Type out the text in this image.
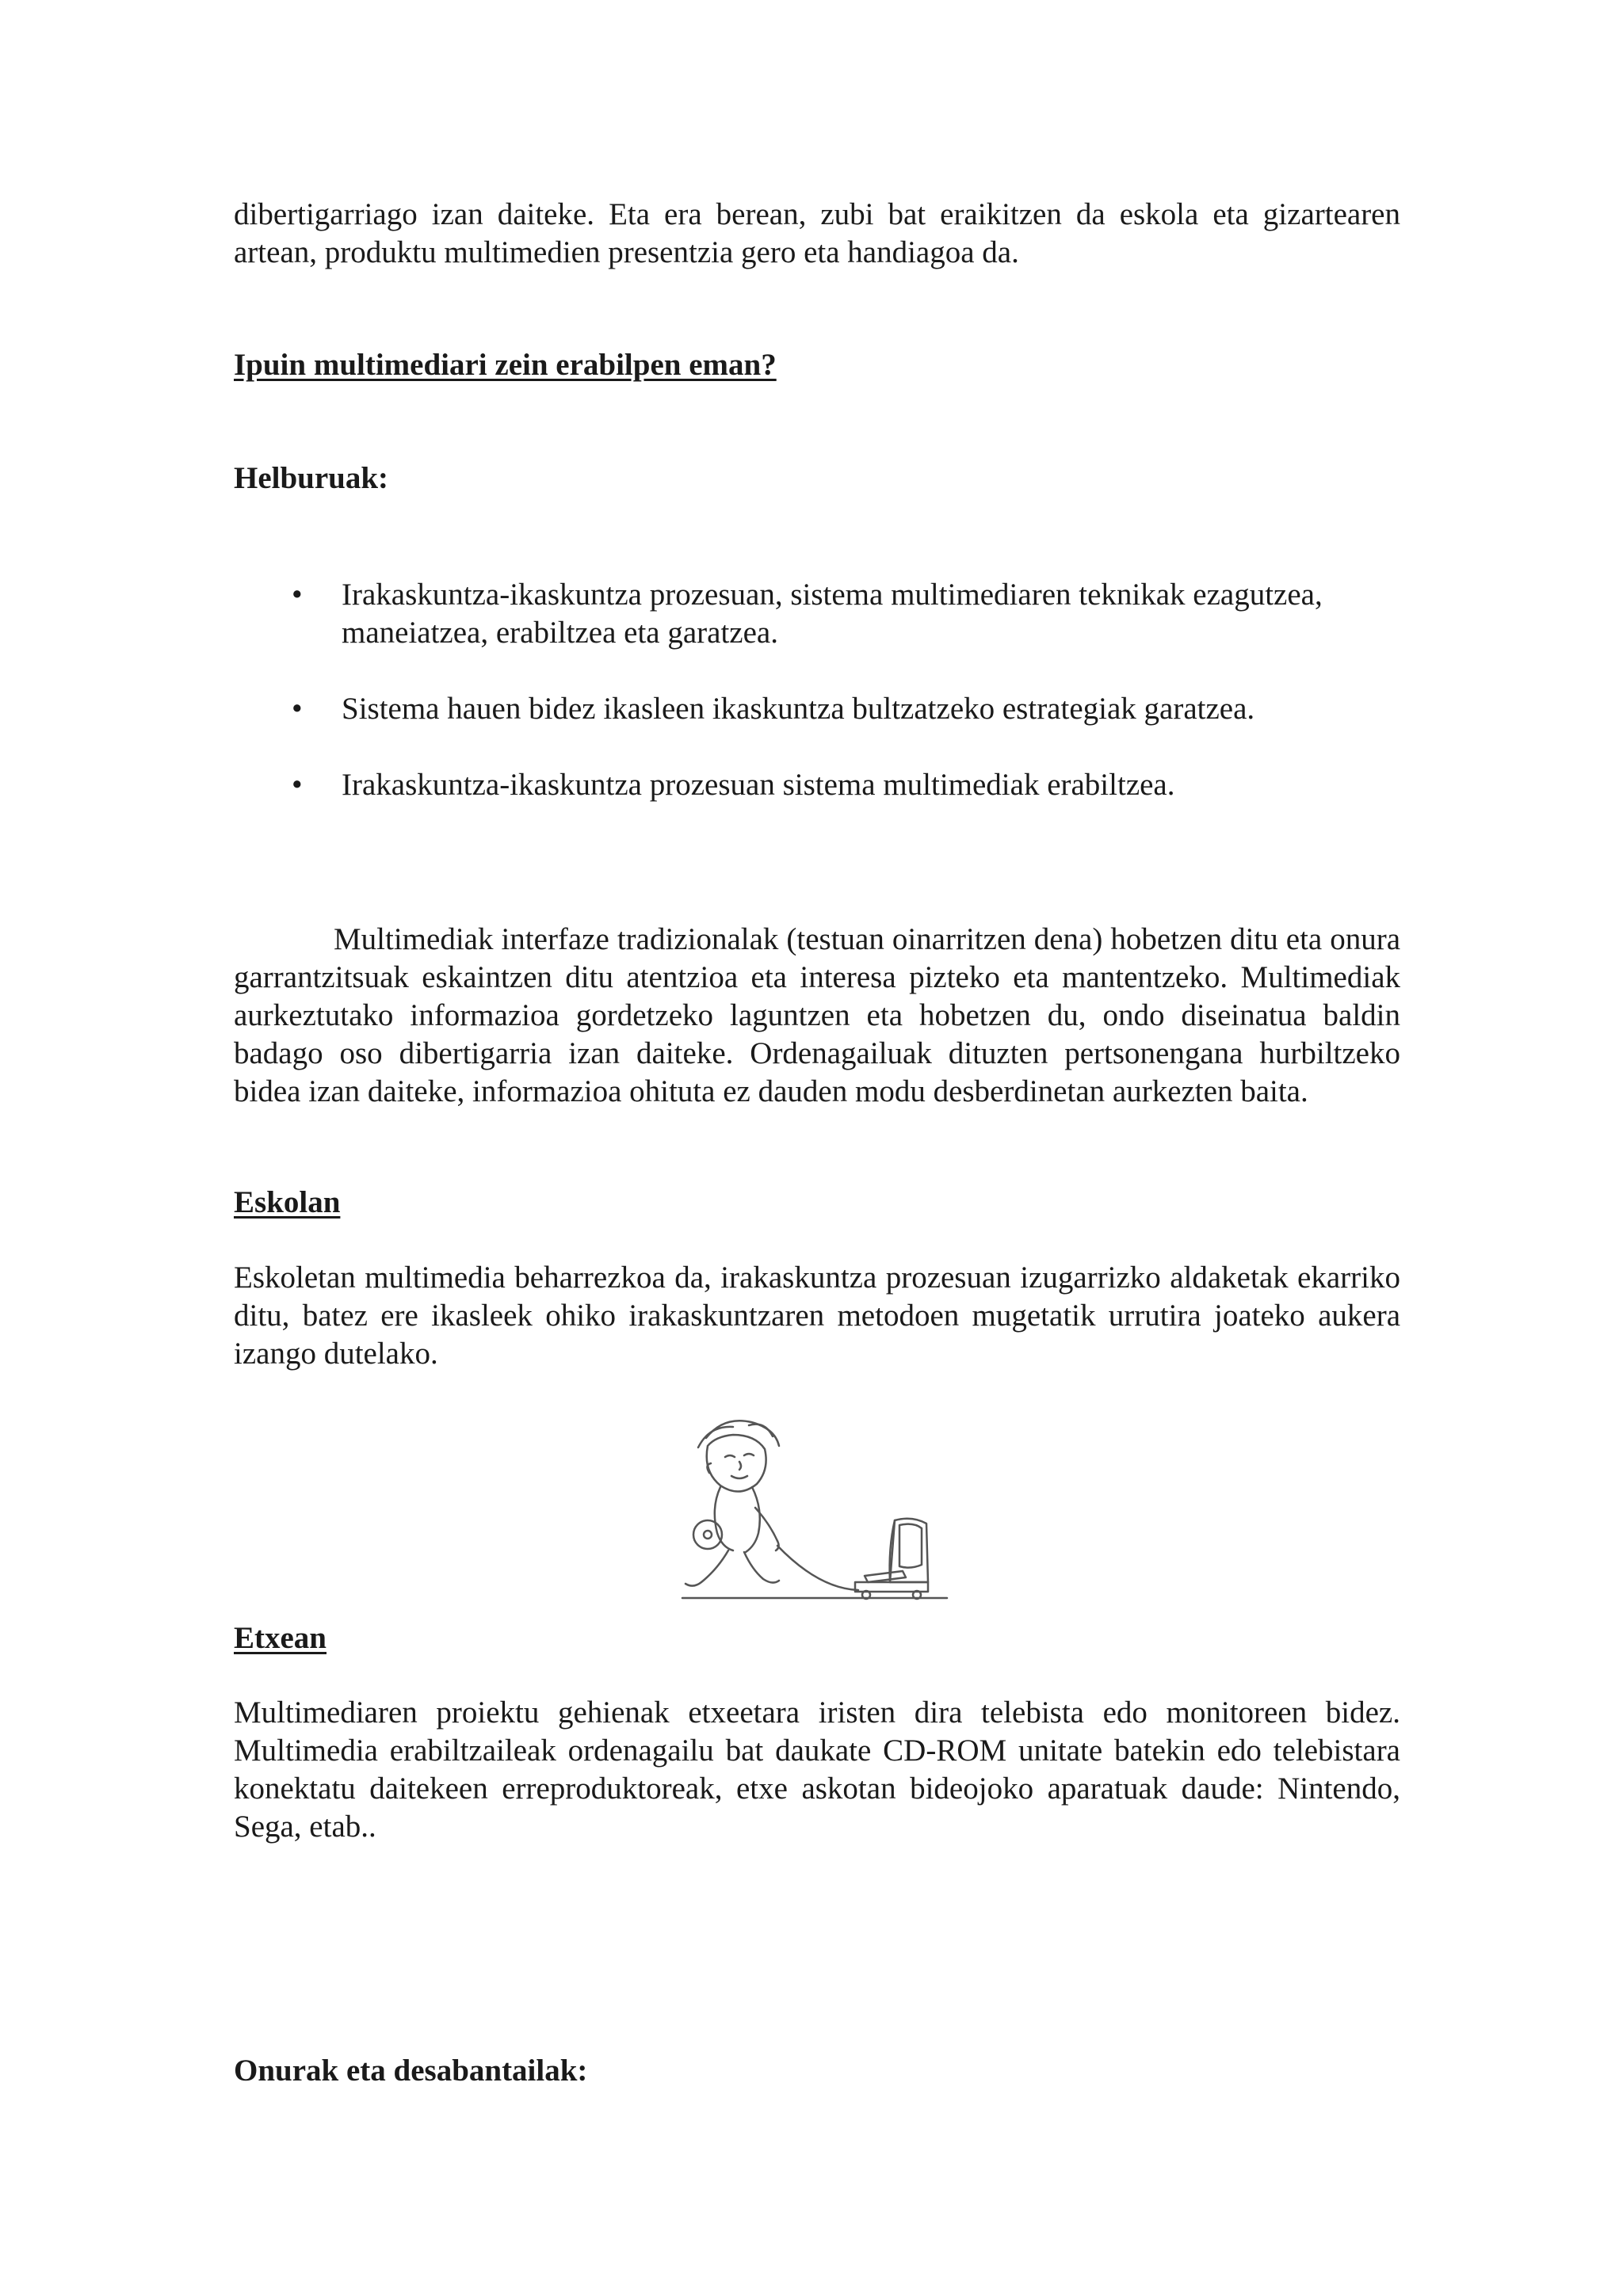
dibertigarriago izan daiteke. Eta era berean, zubi bat eraikitzen da eskola eta gizartearen artean, produktu multimedien presentzia gero eta handiagoa da.

Ipuin multimediari zein erabilpen eman?

Helburuak:

• Irakaskuntza-ikaskuntza prozesuan, sistema multimediaren teknikak ezagutzea, maneiatzea, erabiltzea eta garatzea.
• Sistema hauen bidez ikasleen ikaskuntza bultzatzeko estrategiak garatzea.
• Irakaskuntza-ikaskuntza prozesuan sistema multimediak erabiltzea.

Multimediak interfaze tradizionalak (testuan oinarritzen dena) hobetzen ditu eta onura garrantzitsuak eskaintzen ditu atentzioa eta interesa pizteko eta mantentzeko. Multimediak aurkeztutako informazioa gordetzeko laguntzen eta hobetzen du, ondo diseinatua baldin badago oso dibertigarria izan daiteke. Ordenagailuak dituzten pertsonengana hurbiltzeko bidea izan daiteke, informazioa ohituta ez dauden modu desberdinetan aurkezten baita.

Eskolan

Eskoletan multimedia beharrezkoa da, irakaskuntza prozesuan izugarrizko aldaketak ekarriko ditu, batez ere ikasleek ohiko irakaskuntzaren metodoen mugetatik urrutira joateko aukera izango dutelako.

Etxean

Multimediaren proiektu gehienak etxeetara iristen dira telebista edo monitoreen bidez. Multimedia erabiltzaileak ordenagailu bat daukate CD-ROM unitate batekin edo telebistara konektatu daitekeen erreproduktoreak, etxe askotan bideojoko aparatuak daude: Nintendo, Sega, etab..

Onurak eta desabantailak:
